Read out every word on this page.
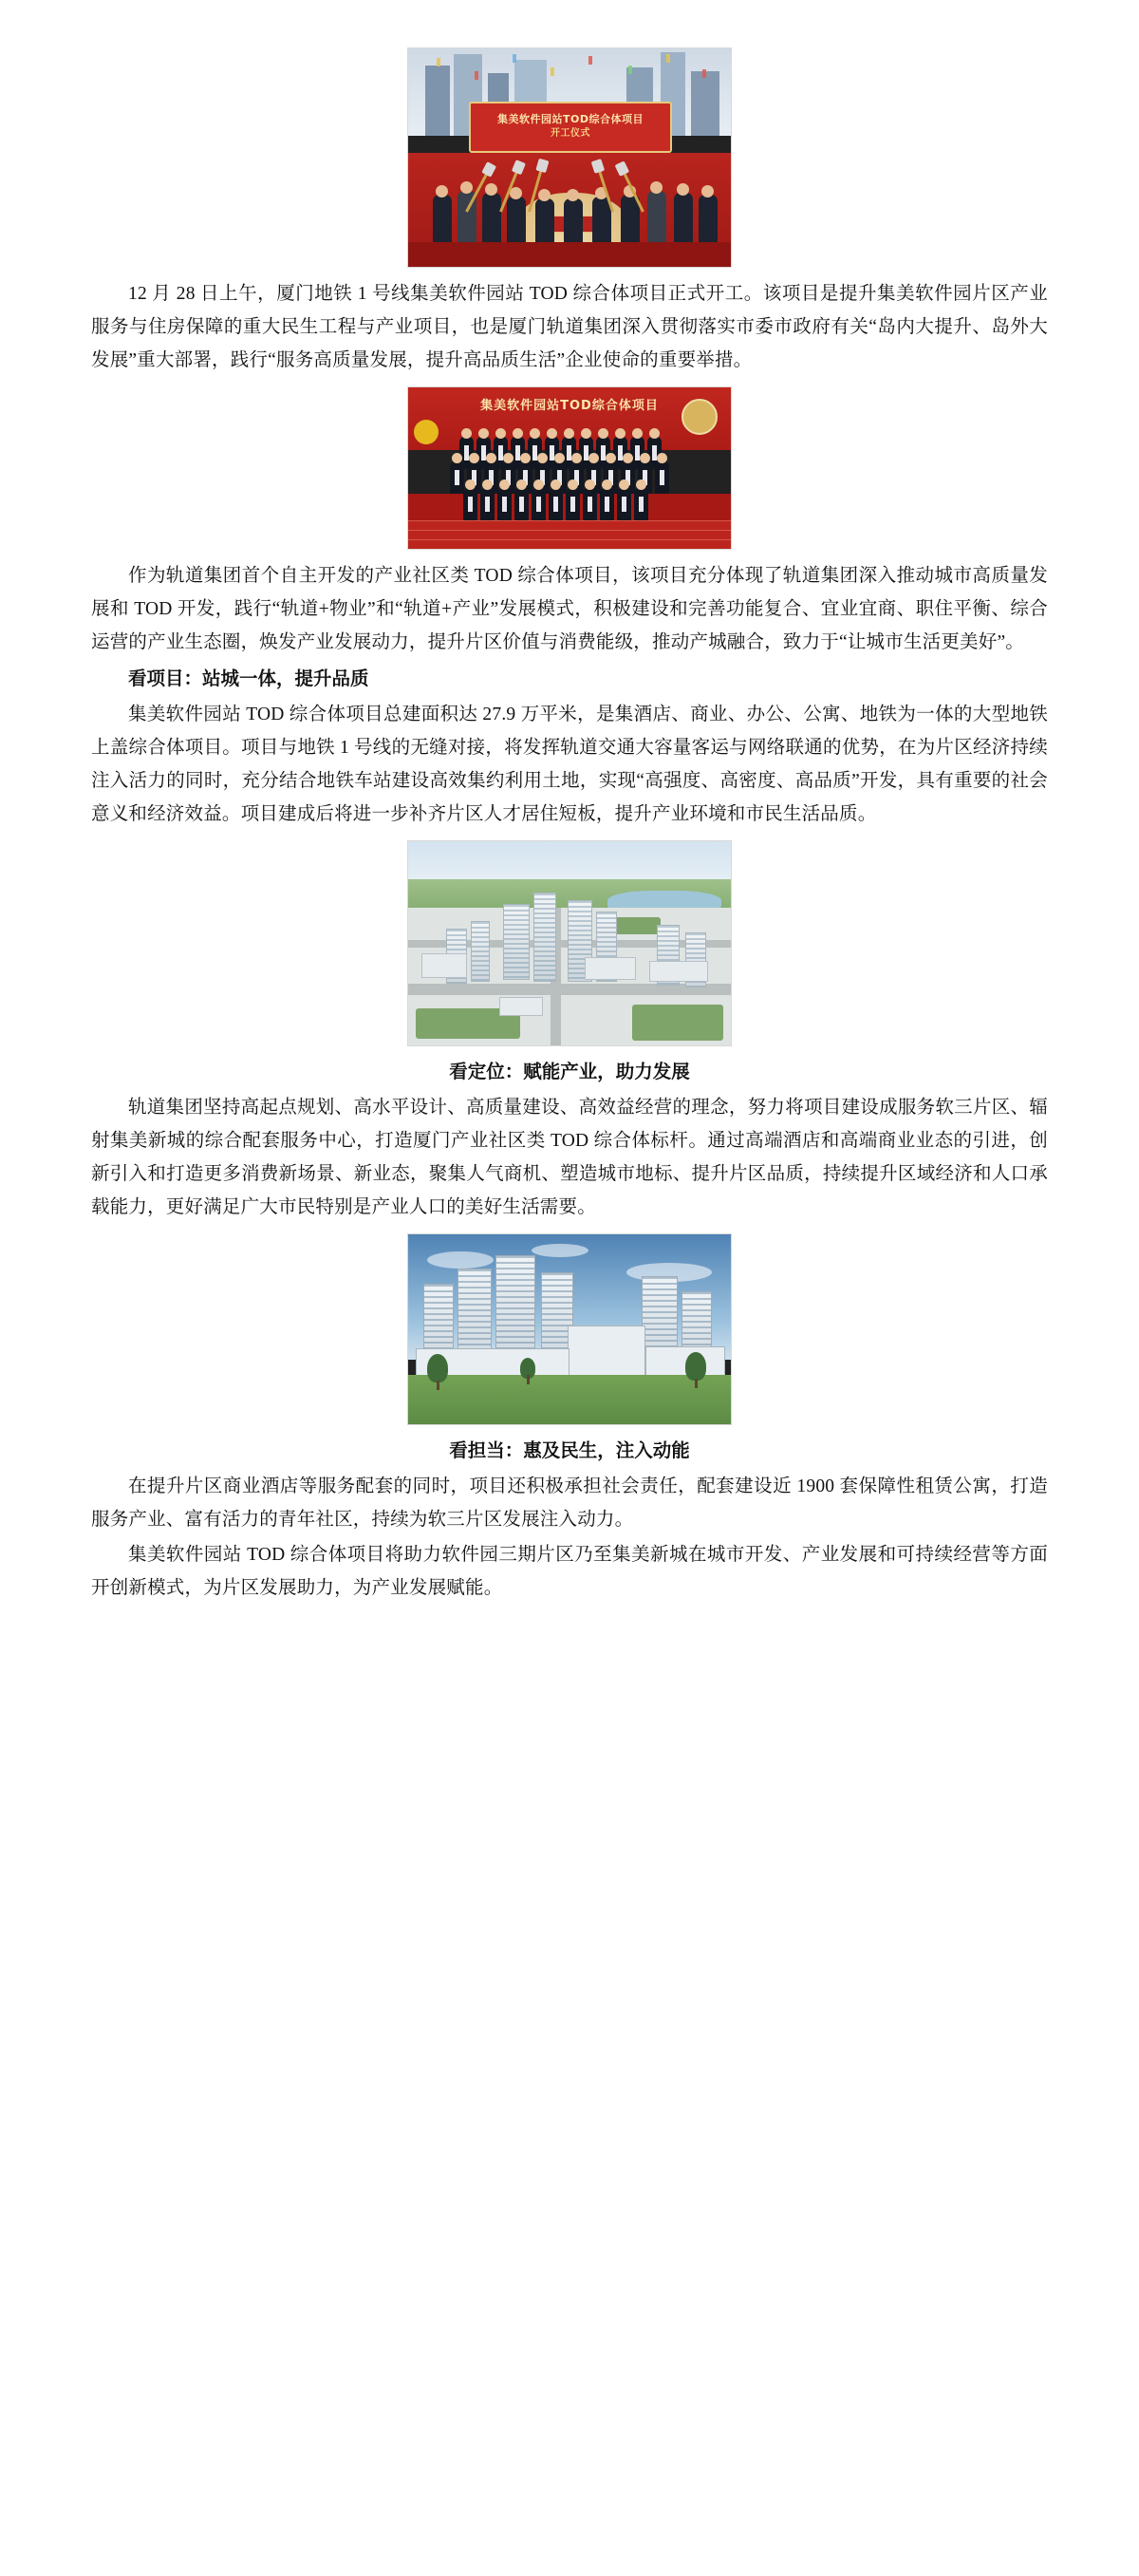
集美软件园站TOD综合体项目
开工仪式

12 月 28 日上午，厦门地铁 1 号线集美软件园站 TOD 综合体项目正式开工。该项目是提升集美软件园片区产业服务与住房保障的重大民生工程与产业项目，也是厦门轨道集团深入贯彻落实市委市政府有关“岛内大提升、岛外大发展”重大部署，践行“服务高质量发展，提升高品质生活”企业使命的重要举措。

集美软件园站TOD综合体项目

作为轨道集团首个自主开发的产业社区类 TOD 综合体项目，该项目充分体现了轨道集团深入推动城市高质量发展和 TOD 开发，践行“轨道+物业”和“轨道+产业”发展模式，积极建设和完善功能复合、宜业宜商、职住平衡、综合运营的产业生态圈，焕发产业发展动力，提升片区价值与消费能级，推动产城融合，致力于“让城市生活更美好”。

看项目：站城一体，提升品质

集美软件园站 TOD 综合体项目总建面积达 27.9 万平米，是集酒店、商业、办公、公寓、地铁为一体的大型地铁上盖综合体项目。项目与地铁 1 号线的无缝对接，将发挥轨道交通大容量客运与网络联通的优势，在为片区经济持续注入活力的同时，充分结合地铁车站建设高效集约利用土地，实现“高强度、高密度、高品质”开发，具有重要的社会意义和经济效益。项目建成后将进一步补齐片区人才居住短板，提升产业环境和市民生活品质。

看定位：赋能产业，助力发展

轨道集团坚持高起点规划、高水平设计、高质量建设、高效益经营的理念，努力将项目建设成服务软三片区、辐射集美新城的综合配套服务中心，打造厦门产业社区类 TOD 综合体标杆。通过高端酒店和高端商业业态的引进，创新引入和打造更多消费新场景、新业态，聚集人气商机、塑造城市地标、提升片区品质，持续提升区域经济和人口承载能力，更好满足广大市民特别是产业人口的美好生活需要。

看担当：惠及民生，注入动能

在提升片区商业酒店等服务配套的同时，项目还积极承担社会责任，配套建设近 1900 套保障性租赁公寓，打造服务产业、富有活力的青年社区，持续为软三片区发展注入动力。

集美软件园站 TOD 综合体项目将助力软件园三期片区乃至集美新城在城市开发、产业发展和可持续经营等方面开创新模式，为片区发展助力，为产业发展赋能。
